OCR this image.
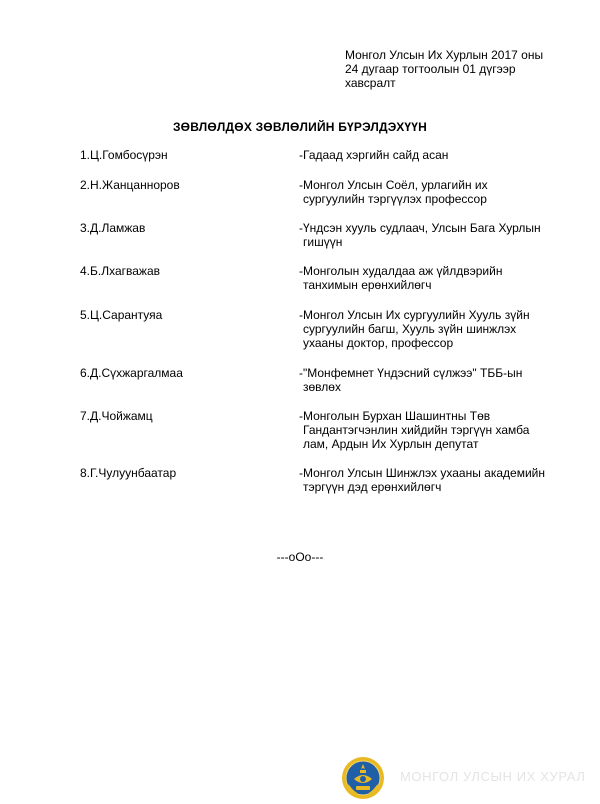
Монгол Улсын Их Хурлын 2017 оны
24 дугаар тогтоолын 01 дүгээр
хавсралт
ЗӨВЛӨЛДӨХ ЗӨВЛӨЛИЙН БҮРЭЛДЭХҮҮН
1.Ц.Гомбосүрэн	-Гадаад хэргийн сайд асан
2.Н.Жанцанноров	-Монгол Улсын Соёл, урлагийн их
сургуулийн тэргүүлэх профессор
3.Д.Ламжав	-Үндсэн хууль судлаач, Улсын Бага Хурлын
гишүүн
4.Б.Лхагважав	-Монголын худалдаа аж үйлдвэрийн
танхимын ерөнхийлөгч
5.Ц.Сарантуяа	-Монгол Улсын Их сургуулийн Хууль зүйн
сургуулийн багш, Хууль зүйн шинжлэх
ухааны доктор, профессор
6.Д.Сүхжаргалмаа	-"Монфемнет Үндэсний сүлжээ" ТББ-ын
зөвлөх
7.Д.Чойжамц	-Монголын Бурхан Шашинтны Төв
Гандантэгчэнлин хийдийн тэргүүн хамба
лам, Ардын Их Хурлын депутат
8.Г.Чулуунбаатар	-Монгол Улсын Шинжлэх ухааны академийн
тэргүүн дэд ерөнхийлөгч
---oOo---
МОНГОЛ УЛСЫН ИХ ХУРАЛ
